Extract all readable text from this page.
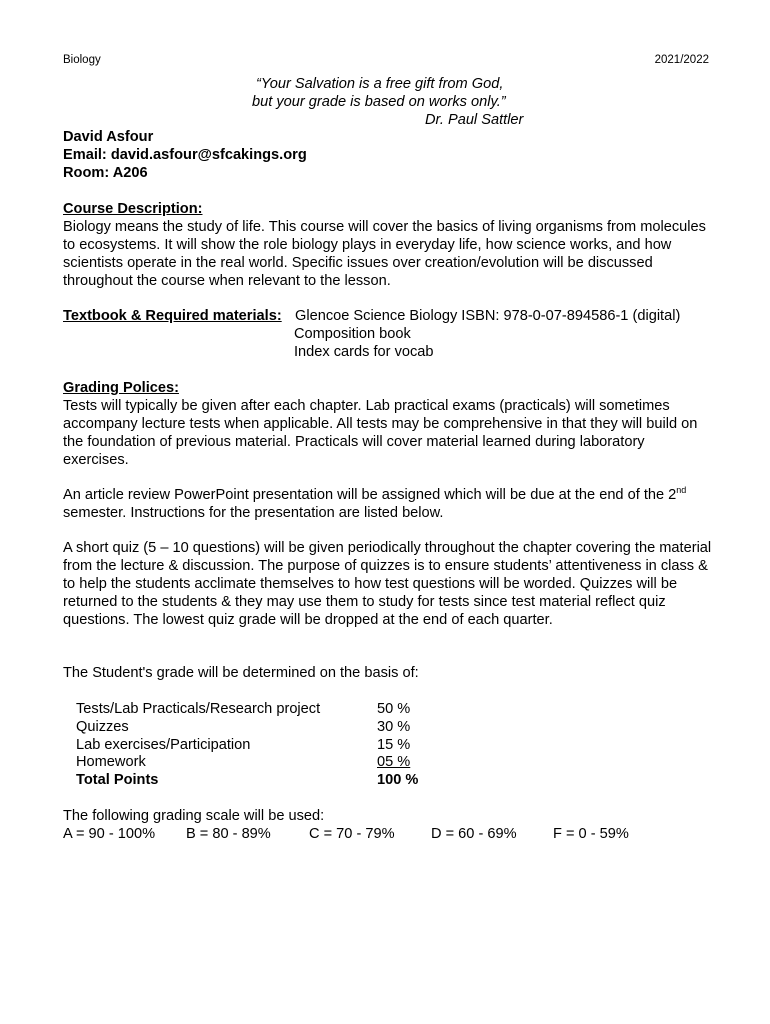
Biology	2021/2022
“Your Salvation is a free gift from God,
but your grade is based on works only.”
Dr. Paul Sattler
David Asfour
Email: david.asfour@sfcakings.org
Room: A206
Course Description:
Biology means the study of life. This course will cover the basics of living organisms from molecules to ecosystems. It will show the role biology plays in everyday life, how science works, and how scientists operate in the real world. Specific issues over creation/evolution will be discussed throughout the course when relevant to the lesson.
Textbook & Required materials: Glencoe Science Biology ISBN: 978-0-07-894586-1 (digital)
Composition book
Index cards for vocab
Grading Polices:
Tests will typically be given after each chapter. Lab practical exams (practicals) will sometimes accompany lecture tests when applicable. All tests may be comprehensive in that they will build on the foundation of previous material. Practicals will cover material learned during laboratory exercises.
An article review PowerPoint presentation will be assigned which will be due at the end of the 2nd semester. Instructions for the presentation are listed below.
A short quiz (5 – 10 questions) will be given periodically throughout the chapter covering the material from the lecture & discussion. The purpose of quizzes is to ensure students’ attentiveness in class & to help the students acclimate themselves to how test questions will be worded. Quizzes will be returned to the students & they may use them to study for tests since test material reflect quiz questions. The lowest quiz grade will be dropped at the end of each quarter.
The Student's grade will be determined on the basis of:
Tests/Lab Practicals/Research project	50 %
Quizzes	30 %
Lab exercises/Participation	15 %
Homework	05 %
Total Points	100 %
The following grading scale will be used:
A = 90 - 100% B = 80 - 89%	C = 70 - 79% D = 60 - 69% F = 0 - 59%
